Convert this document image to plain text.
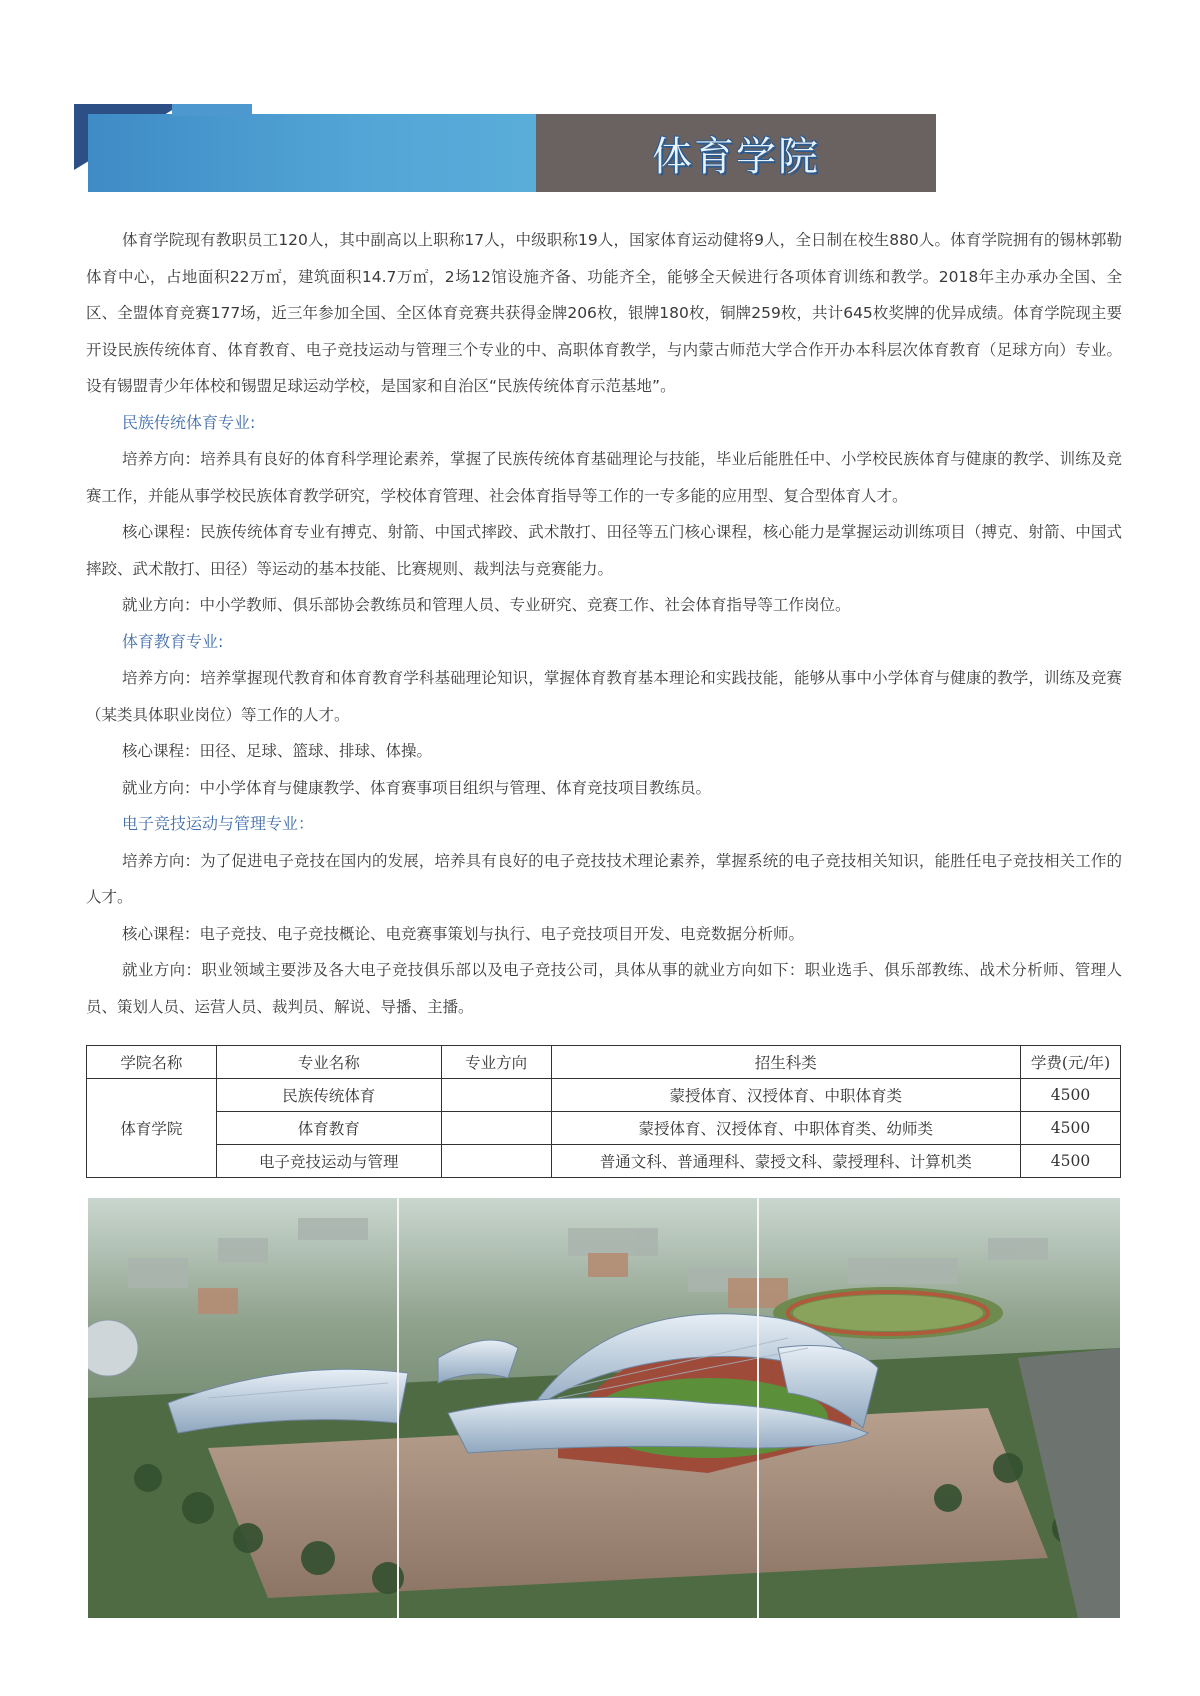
体育学院

体育学院现有教职员工120人，其中副高以上职称17人，中级职称19人，国家体育运动健将9人，全日制在校生880人。体育学院拥有的锡林郭勒体育中心，占地面积22万㎡，建筑面积14.7万㎡，2场12馆设施齐备、功能齐全，能够全天候进行各项体育训练和教学。2018年主办承办全国、全区、全盟体育竞赛177场，近三年参加全国、全区体育竞赛共获得金牌206枚，银牌180枚，铜牌259枚，共计645枚奖牌的优异成绩。体育学院现主要开设民族传统体育、体育教育、电子竞技运动与管理三个专业的中、高职体育教学，与内蒙古师范大学合作开办本科层次体育教育（足球方向）专业。设有锡盟青少年体校和锡盟足球运动学校，是国家和自治区“民族传统体育示范基地”。

民族传统体育专业:

培养方向：培养具有良好的体育科学理论素养，掌握了民族传统体育基础理论与技能，毕业后能胜任中、小学校民族体育与健康的教学、训练及竞赛工作，并能从事学校民族体育教学研究，学校体育管理、社会体育指导等工作的一专多能的应用型、复合型体育人才。

核心课程：民族传统体育专业有搏克、射箭、中国式摔跤、武术散打、田径等五门核心课程，核心能力是掌握运动训练项目（搏克、射箭、中国式摔跤、武术散打、田径）等运动的基本技能、比赛规则、裁判法与竞赛能力。

就业方向：中小学教师、俱乐部协会教练员和管理人员、专业研究、竞赛工作、社会体育指导等工作岗位。

体育教育专业:

培养方向：培养掌握现代教育和体育教育学科基础理论知识，掌握体育教育基本理论和实践技能，能够从事中小学体育与健康的教学，训练及竞赛（某类具体职业岗位）等工作的人才。

核心课程：田径、足球、篮球、排球、体操。

就业方向：中小学体育与健康教学、体育赛事项目组织与管理、体育竞技项目教练员。

电子竞技运动与管理专业：

培养方向：为了促进电子竞技在国内的发展，培养具有良好的电子竞技技术理论素养，掌握系统的电子竞技相关知识，能胜任电子竞技相关工作的人才。

核心课程：电子竞技、电子竞技概论、电竞赛事策划与执行、电子竞技项目开发、电竞数据分析师。

就业方向：职业领域主要涉及各大电子竞技俱乐部以及电子竞技公司，具体从事的就业方向如下：职业选手、俱乐部教练、战术分析师、管理人员、策划人员、运营人员、裁判员、解说、导播、主播。

学院名称	专业名称	专业方向	招生科类	学费(元/年)
体育学院	民族传统体育		蒙授体育、汉授体育、中职体育类	4500
	体育教育		蒙授体育、汉授体育、中职体育类、幼师类	4500
	电子竞技运动与管理		普通文科、普通理科、蒙授文科、蒙授理科、计算机类	4500
